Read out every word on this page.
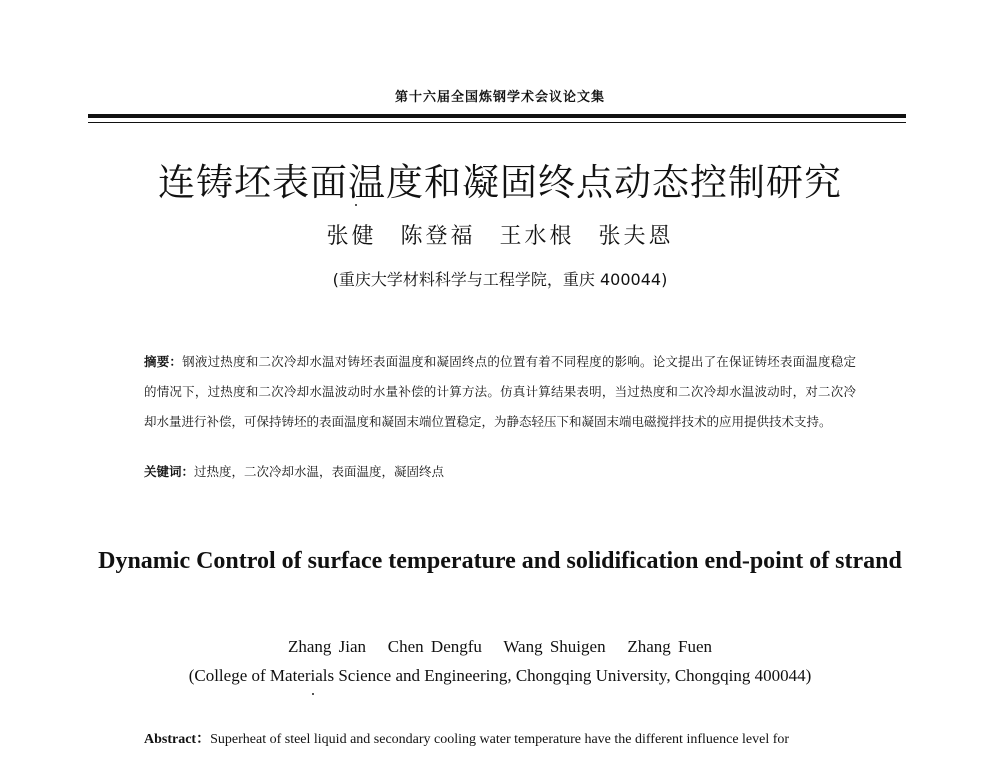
第十六届全国炼钢学术会议论文集
连铸坯表面温度和凝固终点动态控制研究
张健 陈登福 王水根 张夫恩
(重庆大学材料科学与工程学院，重庆 400044)

摘要：钢液过热度和二次冷却水温对铸坯表面温度和凝固终点的位置有着不同程度的影响。论文提出了在保证铸坯表面温度稳定的情况下，过热度和二次冷却水温波动时水量补偿的计算方法。仿真计算结果表明，当过热度和二次冷却水温波动时，对二次冷却水量进行补偿，可保持铸坯的表面温度和凝固末端位置稳定，为静态轻压下和凝固末端电磁搅拌技术的应用提供技术支持。

关键词：过热度，二次冷却水温，表面温度，凝固终点

Dynamic Control of surface temperature and solidification end-point of strand

Zhang Jian Chen Dengfu Wang Shuigen Zhang Fuen
(College of Materials Science and Engineering, Chongqing University, Chongqing 400044)

Abstract：Superheat of steel liquid and secondary cooling water temperature have the different influence level for
